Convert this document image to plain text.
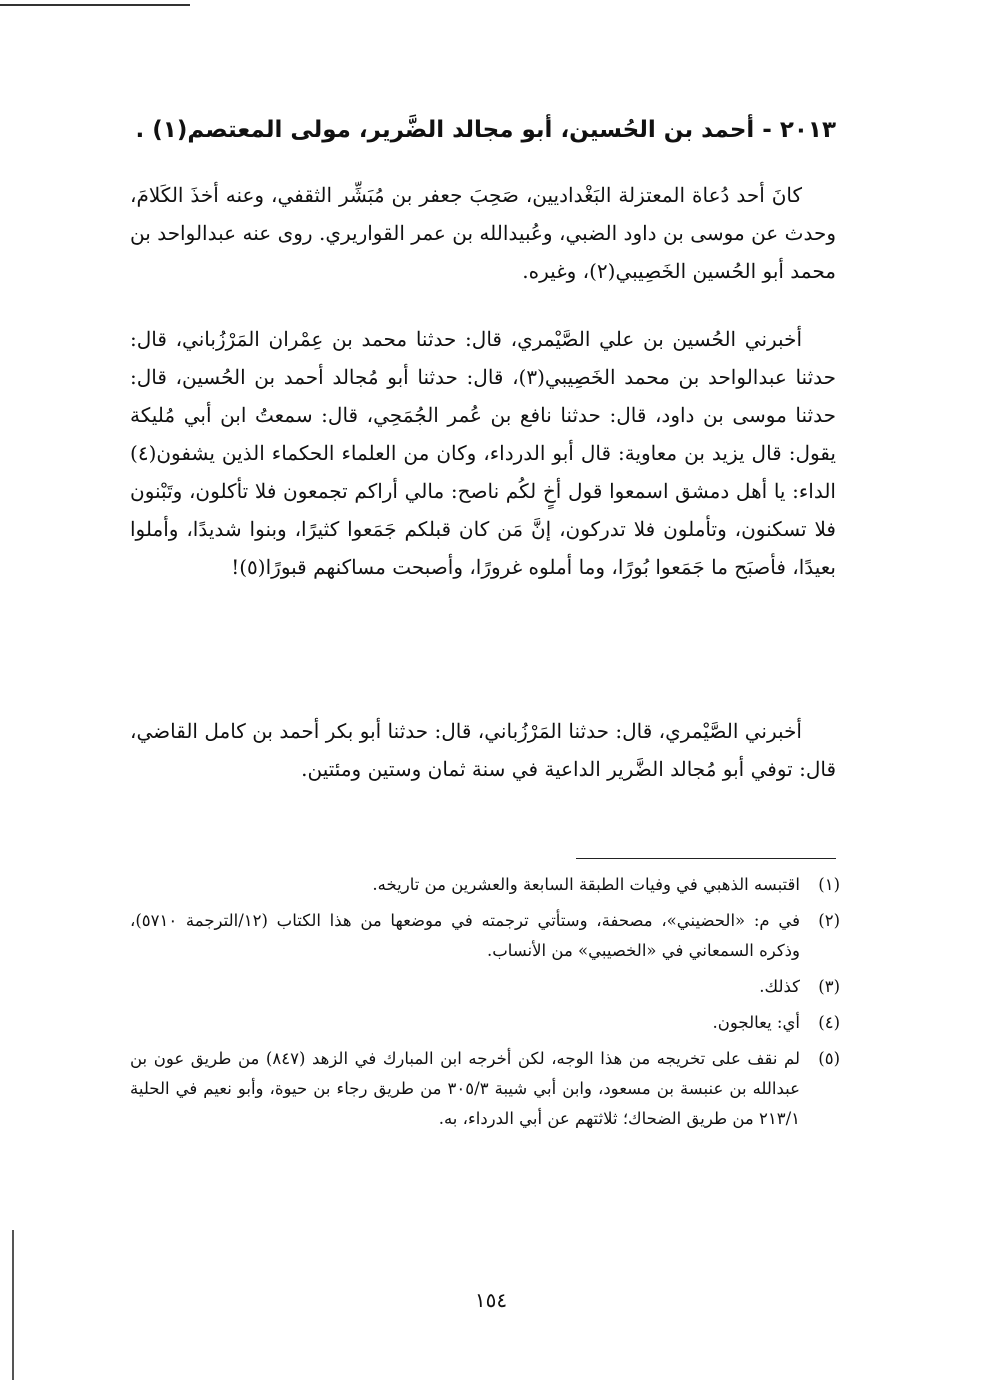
٢٠١٣ - أحمد بن الحُسين، أبو مجالد الضَّرير، مولى المعتصم(١) .
كانَ أحد دُعاة المعتزلة البَغْداديين، صَحِبَ جعفر بن مُبَشِّر الثقفي، وعنه أخذَ الكَلامَ، وحدث عن موسى بن داود الضبي، وعُبيدالله بن عمر القواريري. روى عنه عبدالواحد بن محمد أبو الحُسين الخَصِيبي(٢)، وغيره.
أخبرني الحُسين بن علي الصَّيْمري، قال: حدثنا محمد بن عِمْران المَرْزُباني، قال: حدثنا عبدالواحد بن محمد الخَصِيبي(٣)، قال: حدثنا أبو مُجالد أحمد بن الحُسين، قال: حدثنا موسى بن داود، قال: حدثنا نافع بن عُمر الجُمَحِي، قال: سمعتُ ابن أبي مُليكة يقول: قال يزيد بن معاوية: قال أبو الدرداء، وكان من العلماء الحكماء الذين يشفون(٤) الداء: يا أهل دمشق اسمعوا قول أخٍ لكُم ناصح: مالي أراكم تجمعون فلا تأكلون، وتَبْنون فلا تسكنون، وتأملون فلا تدركون، إنَّ مَن كان قبلكم جَمَعوا كثيرًا، وبنوا شديدًا، وأملوا بعيدًا، فأصبَح ما جَمَعوا بُورًا، وما أملوه غرورًا، وأصبحت مساكنهم قبورًا(٥)!
أخبرني الصَّيْمري، قال: حدثنا المَرْزُباني، قال: حدثنا أبو بكر أحمد بن كامل القاضي، قال: توفي أبو مُجالد الضَّرير الداعية في سنة ثمان وستين ومئتين.
(١)
اقتبسه الذهبي في وفيات الطبقة السابعة والعشرين من تاريخه.
(٢)
في م: «الحضيني»، مصحفة، وستأتي ترجمته في موضعها من هذا الكتاب (١٢/الترجمة ٥٧١٠)، وذكره السمعاني في «الخصيبي» من الأنساب.
(٣)
كذلك.
(٤)
أي: يعالجون.
(٥)
لم نقف على تخريجه من هذا الوجه، لكن أخرجه ابن المبارك في الزهد (٨٤٧) من طريق عون بن عبدالله بن عنبسة بن مسعود، وابن أبي شيبة ٣٠٥/٣ من طريق رجاء بن حيوة، وأبو نعيم في الحلية ٢١٣/١ من طريق الضحاك؛ ثلاثتهم عن أبي الدرداء، به.
١٥٤
